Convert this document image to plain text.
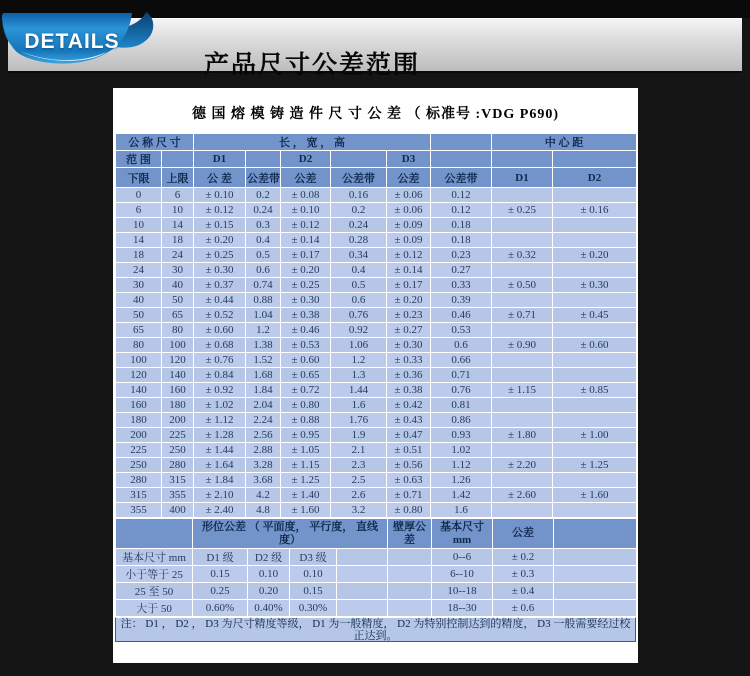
产品尺寸公差范围
DETAILS
德 国 熔 模 铸 造 件 尺 寸 公 差 （ 标准号 :VDG P690)
公 称 尺 寸		长 ， 宽 ， 高						中 心 距	
范 围		D1		D2		D3			
下限	上限	公 差	公差带	公差	公差带	公差	公差带	D1	D2
0	6	± 0.10	0.2	± 0.08	0.16	± 0.06	0.12		
6	10	± 0.12	0.24	± 0.10	0.2	± 0.06	0.12	± 0.25	± 0.16
10	14	± 0.15	0.3	± 0.12	0.24	± 0.09	0.18		
14	18	± 0.20	0.4	± 0.14	0.28	± 0.09	0.18		
18	24	± 0.25	0.5	± 0.17	0.34	± 0.12	0.23	± 0.32	± 0.20
24	30	± 0.30	0.6	± 0.20	0.4	± 0.14	0.27		
30	40	± 0.37	0.74	± 0.25	0.5	± 0.17	0.33	± 0.50	± 0.30
40	50	± 0.44	0.88	± 0.30	0.6	± 0.20	0.39		
50	65	± 0.52	1.04	± 0.38	0.76	± 0.23	0.46	± 0.71	± 0.45
65	80	± 0.60	1.2	± 0.46	0.92	± 0.27	0.53		
80	100	± 0.68	1.38	± 0.53	1.06	± 0.30	0.6	± 0.90	± 0.60
100	120	± 0.76	1.52	± 0.60	1.2	± 0.33	0.66		
120	140	± 0.84	1.68	± 0.65	1.3	± 0.36	0.71		
140	160	± 0.92	1.84	± 0.72	1.44	± 0.38	0.76	± 1.15	± 0.85
160	180	± 1.02	2.04	± 0.80	1.6	± 0.42	0.81		
180	200	± 1.12	2.24	± 0.88	1.76	± 0.43	0.86		
200	225	± 1.28	2.56	± 0.95	1.9	± 0.47	0.93	± 1.80	± 1.00
225	250	± 1.44	2.88	± 1.05	2.1	± 0.51	1.02		
250	280	± 1.64	3.28	± 1.15	2.3	± 0.56	1.12	± 2.20	± 1.25
280	315	± 1.84	3.68	± 1.25	2.5	± 0.63	1.26		
315	355	± 2.10	4.2	± 1.40	2.6	± 0.71	1.42	± 2.60	± 1.60
355	400	± 2.40	4.8	± 1.60	3.2	± 0.80	1.6		
	形位公差 （ 平面度， 平行度， 直线度）				壁厚公差	基本尺寸 mm	公差	
基本尺寸 mm	D1 级	D2 级	D3 级			0--6	± 0.2	
小于等于 25	0.15	0.10	0.10			6--10	± 0.3	
25 至 50	0.25	0.20	0.15			10--18	± 0.4	
大于 50	0.60%	0.40%	0.30%			18--30	± 0.6	
注： D1 ， D2 ， D3 为尺寸精度等级， D1 为一般精度， D2 为特别控制达到的精度， D3 一般需要经过校正达到。
